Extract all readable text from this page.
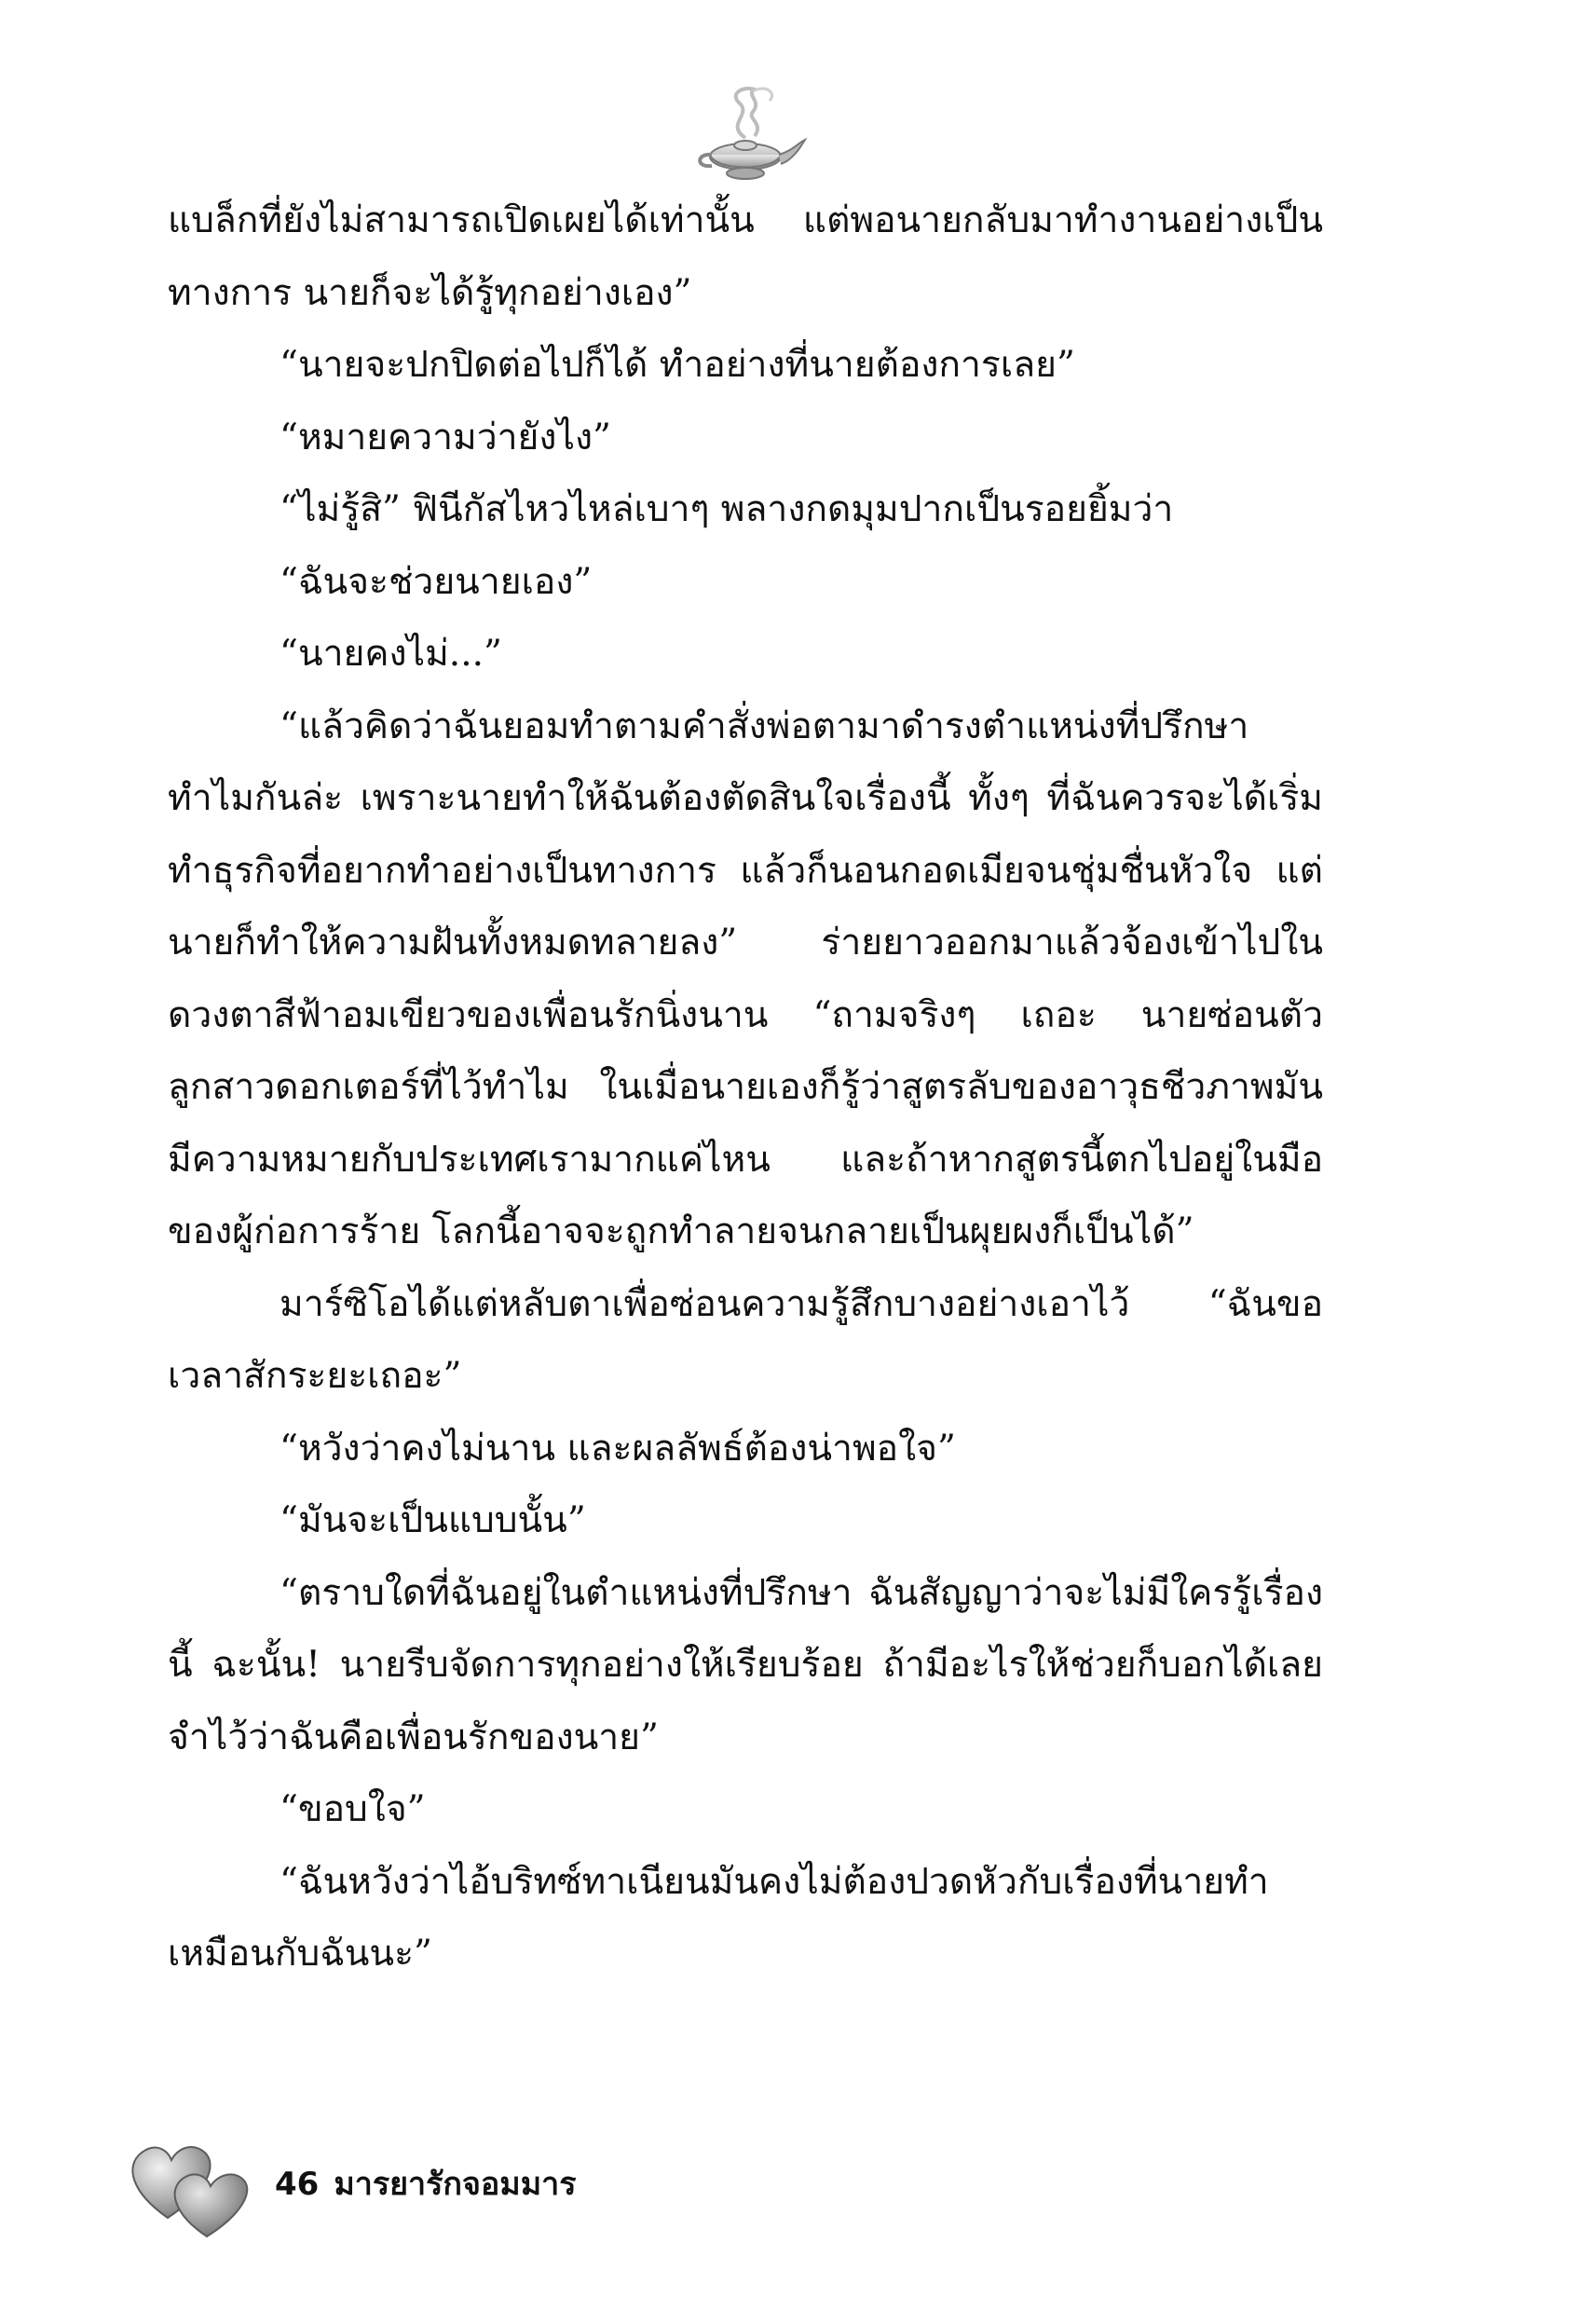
แบล็กที่ยังไม่สามารถเปิดเผยได้เท่านั้น แต่พอนายกลับมาทำงานอย่างเป็นทางการ นายก็จะได้รู้ทุกอย่างเอง”

“นายจะปกปิดต่อไปก็ได้ ทำอย่างที่นายต้องการเลย”

“หมายความว่ายังไง”

“ไม่รู้สิ” ฟินีกัสไหวไหล่เบาๆ พลางกดมุมปากเป็นรอยยิ้มว่า

“ฉันจะช่วยนายเอง”

“นายคงไม่...”

“แล้วคิดว่าฉันยอมทำตามคำสั่งพ่อตามาดำรงตำแหน่งที่ปรึกษาทำไมกันล่ะ เพราะนายทำให้ฉันต้องตัดสินใจเรื่องนี้ ทั้งๆ ที่ฉันควรจะได้เริ่มทำธุรกิจที่อยากทำอย่างเป็นทางการ แล้วก็นอนกอดเมียจนชุ่มชื่นหัวใจ แต่นายก็ทำให้ความฝันทั้งหมดทลายลง” ร่ายยาวออกมาแล้วจ้องเข้าไปในดวงตาสีฟ้าอมเขียวของเพื่อนรักนิ่งนาน “ถามจริงๆ เถอะ นายซ่อนตัวลูกสาวดอกเตอร์ที่ไว้ทำไม ในเมื่อนายเองก็รู้ว่าสูตรลับของอาวุธชีวภาพมันมีความหมายกับประเทศเรามากแค่ไหน และถ้าหากสูตรนี้ตกไปอยู่ในมือของผู้ก่อการร้าย โลกนี้อาจจะถูกทำลายจนกลายเป็นผุยผงก็เป็นได้”

มาร์ซิโอได้แต่หลับตาเพื่อซ่อนความรู้สึกบางอย่างเอาไว้ “ฉันขอเวลาสักระยะเถอะ”

“หวังว่าคงไม่นาน และผลลัพธ์ต้องน่าพอใจ”

“มันจะเป็นแบบนั้น”

“ตราบใดที่ฉันอยู่ในตำแหน่งที่ปรึกษา ฉันสัญญาว่าจะไม่มีใครรู้เรื่องนี้ ฉะนั้น! นายรีบจัดการทุกอย่างให้เรียบร้อย ถ้ามีอะไรให้ช่วยก็บอกได้เลย จำไว้ว่าฉันคือเพื่อนรักของนาย”

“ขอบใจ”

“ฉันหวังว่าไอ้บริทซ์ทาเนียนมันคงไม่ต้องปวดหัวกับเรื่องที่นายทำเหมือนกับฉันนะ”

46 มารยารักจอมมาร
